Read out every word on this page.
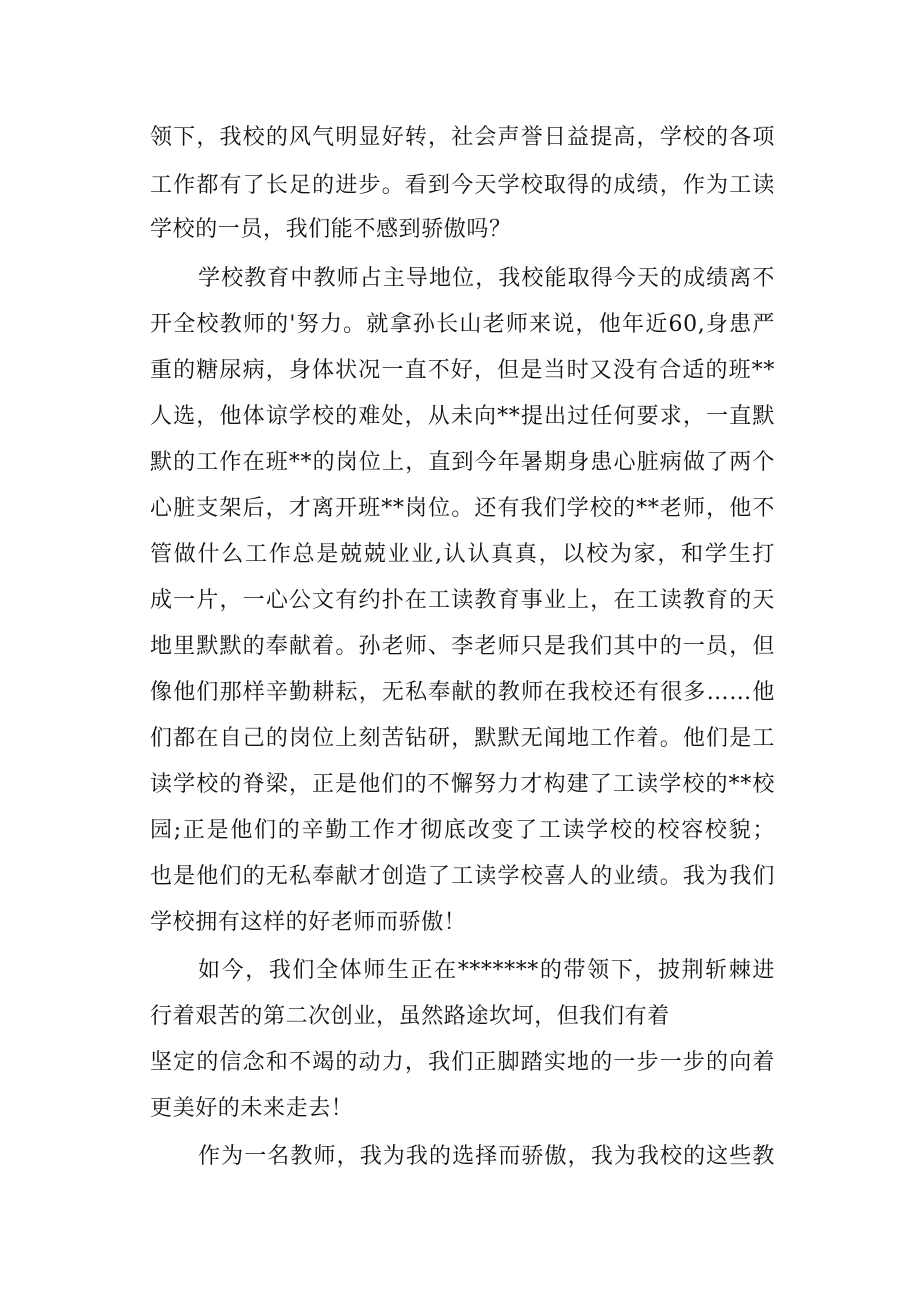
领下，我校的风气明显好转，社会声誉日益提高，学校的各项
工作都有了长足的进步。看到今天学校取得的成绩，作为工读
学校的一员，我们能不感到骄傲吗？
学校教育中教师占主导地位，我校能取得今天的成绩离不
开全校教师的'努力。就拿孙长山老师来说，他年近60,身患严
重的糖尿病，身体状况一直不好，但是当时又没有合适的班**
人选，他体谅学校的难处，从未向**提出过任何要求，一直默
默的工作在班**的岗位上，直到今年暑期身患心脏病做了两个
心脏支架后，才离开班**岗位。还有我们学校的**老师，他不
管做什么工作总是兢兢业业,认认真真，以校为家，和学生打
成一片，一心公文有约扑在工读教育事业上，在工读教育的天
地里默默的奉献着。孙老师、李老师只是我们其中的一员，但
像他们那样辛勤耕耘，无私奉献的教师在我校还有很多……他
们都在自己的岗位上刻苦钻研，默默无闻地工作着。他们是工
读学校的脊梁，正是他们的不懈努力才构建了工读学校的**校
园;正是他们的辛勤工作才彻底改变了工读学校的校容校貌；
也是他们的无私奉献才创造了工读学校喜人的业绩。我为我们
学校拥有这样的好老师而骄傲！
如今，我们全体师生正在*******的带领下，披荆斩棘进
行着艰苦的第二次创业，虽然路途坎坷，但我们有着
坚定的信念和不竭的动力，我们正脚踏实地的一步一步的向着
更美好的未来走去！
作为一名教师，我为我的选择而骄傲，我为我校的这些教
